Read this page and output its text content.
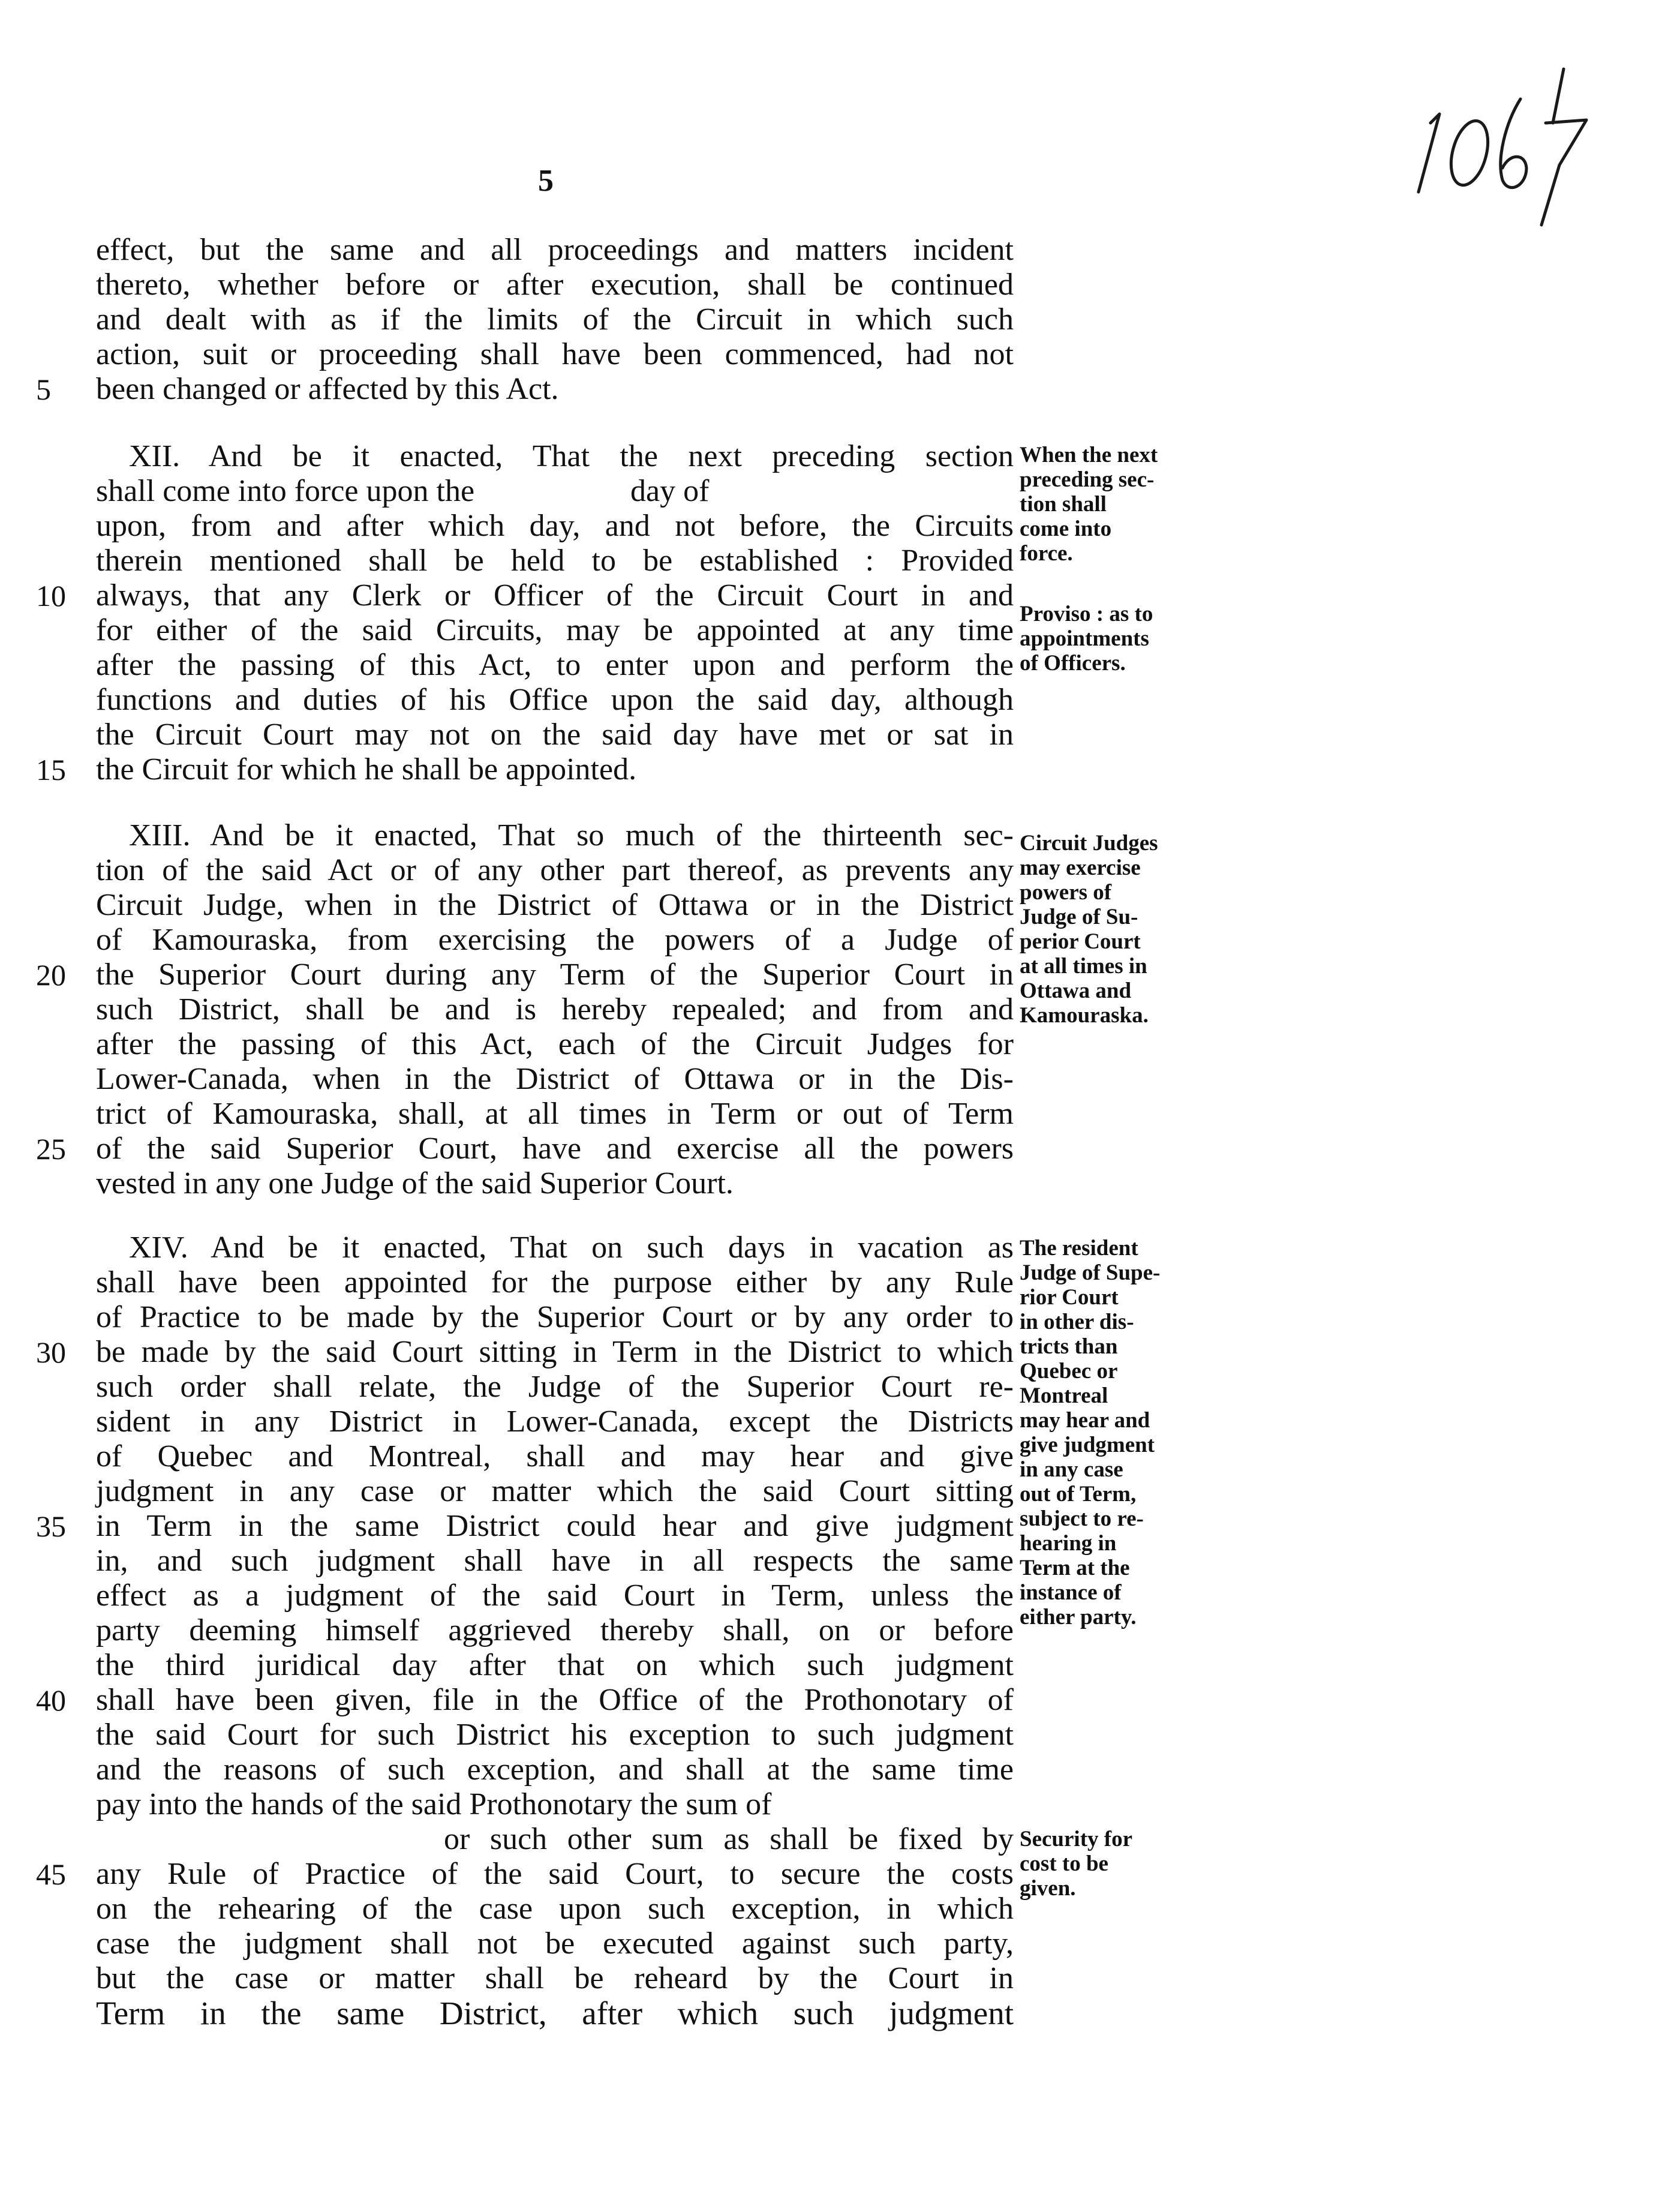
5
effect, but the same and all proceedings and matters incident
thereto, whether before or after execution, shall be continued
and dealt with as if the limits of the Circuit in which such
action, suit or proceeding shall have been commenced, had not
5	been changed or affected by this Act.
XII. And be it enacted, That the next preceding section
shall come into force upon the                    day of
upon, from and after which day, and not before, the Circuits
therein mentioned shall be held to be established : Provided
10 always, that any Clerk or Officer of the Circuit Court in and
for either of the said Circuits, may be appointed at any time
after the passing of this Act, to enter upon and perform the
functions and duties of his Office upon the said day, although
the Circuit Court may not on the said day have met or sat in
15 the Circuit for which he shall be appointed.
XIII. And be it enacted, That so much of the thirteenth sec-
tion of the said Act or of any other part thereof, as prevents any
Circuit Judge, when in the District of Ottawa or in the District
of Kamouraska, from exercising the powers of a Judge of
20 the Superior Court during any Term of the Superior Court in
such District, shall be and is hereby repealed; and from and
after the passing of this Act, each of the Circuit Judges for
Lower-Canada, when in the District of Ottawa or in the Dis-
trict of Kamouraska, shall, at all times in Term or out of Term
25 of the said Superior Court, have and exercise all the powers
vested in any one Judge of the said Superior Court.
XIV. And be it enacted, That on such days in vacation as
shall have been appointed for the purpose either by any Rule
of Practice to be made by the Superior Court or by any order to
30 be made by the said Court sitting in Term in the District to which
such order shall relate, the Judge of the Superior Court re-
sident in any District in Lower-Canada, except the Districts
of Quebec and Montreal, shall and may hear and give
judgment in any case or matter which the said Court sitting
35 in Term in the same District could hear and give judgment
in, and such judgment shall have in all respects the same
effect as a judgment of the said Court in Term, unless the
party deeming himself aggrieved thereby shall, on or before
the third juridical day after that on which such judgment
40 shall have been given, file in the Office of the Prothonotary of
the said Court for such District his exception to such judgment
and the reasons of such exception, and shall at the same time
pay into the hands of the said Prothonotary the sum of
or such other sum as shall be fixed by
45 any Rule of Practice of the said Court, to secure the costs
on the rehearing of the case upon such exception, in which
case the judgment shall not be executed against such party,
but the case or matter shall be reheard by the Court in
Term in the same District, after which such judgment
When the next
preceding sec-
tion shall
come into
force.
Proviso : as to
appointments
of Officers.
Circuit Judges
may exercise
powers of
Judge of Su-
perior Court
at all times in
Ottawa and
Kamouraska.
The resident
Judge of Supe-
rior Court
in other dis-
tricts than
Quebec or
Montreal
may hear and
give judgment
in any case
out of Term,
subject to re-
hearing in
Term at the
instance of
either party.
Security for
cost to be
given.
